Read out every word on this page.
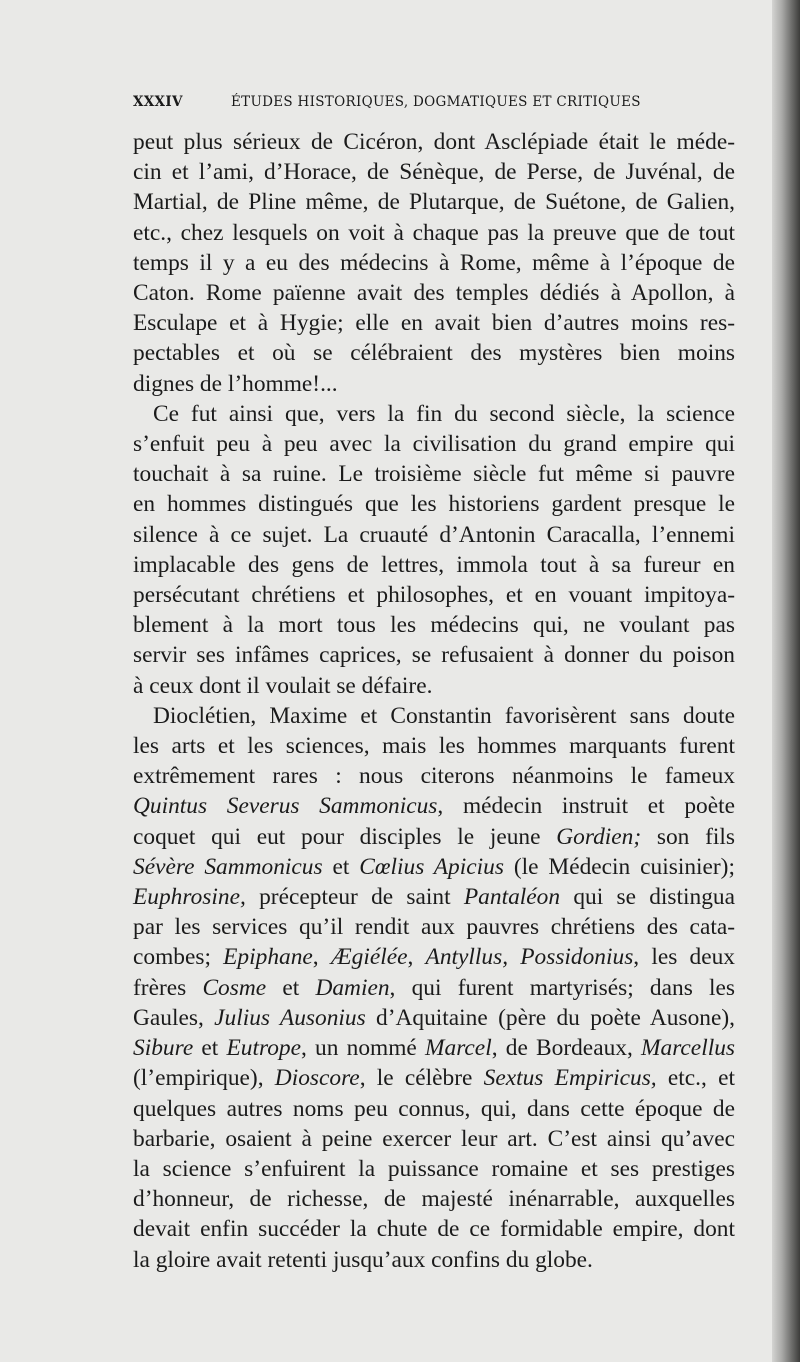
XXXIV	ÉTUDES HISTORIQUES, DOGMATIQUES ET CRITIQUES
peut plus sérieux de Cicéron, dont Asclépiade était le méde-
cin et l’ami, d’Horace, de Sénèque, de Perse, de Juvénal, de
Martial, de Pline même, de Plutarque, de Suétone, de Galien,
etc., chez lesquels on voit à chaque pas la preuve que de tout
temps il y a eu des médecins à Rome, même à l’époque de
Caton. Rome païenne avait des temples dédiés à Apollon, à
Esculape et à Hygie; elle en avait bien d’autres moins res-
pectables et où se célébraient des mystères bien moins
dignes de l’homme!...
Ce fut ainsi que, vers la fin du second siècle, la science
s’enfuit peu à peu avec la civilisation du grand empire qui
touchait à sa ruine. Le troisième siècle fut même si pauvre
en hommes distingués que les historiens gardent presque le
silence à ce sujet. La cruauté d’Antonin Caracalla, l’ennemi
implacable des gens de lettres, immola tout à sa fureur en
persécutant chrétiens et philosophes, et en vouant impitoya-
blement à la mort tous les médecins qui, ne voulant pas
servir ses infâmes caprices, se refusaient à donner du poison
à ceux dont il voulait se défaire.
Dioclétien, Maxime et Constantin favorisèrent sans doute
les arts et les sciences, mais les hommes marquants furent
extrêmement rares : nous citerons néanmoins le fameux
Quintus Severus Sammonicus, médecin instruit et poète
coquet qui eut pour disciples le jeune Gordien; son fils
Sévère Sammonicus et Cœlius Apicius (le Médecin cuisinier);
Euphrosine, précepteur de saint Pantaléon qui se distingua
par les services qu’il rendit aux pauvres chrétiens des cata-
combes; Epiphane, Ægiélée, Antyllus, Possidonius, les deux
frères Cosme et Damien, qui furent martyrisés; dans les
Gaules, Julius Ausonius d’Aquitaine (père du poète Ausone),
Sibure et Eutrope, un nommé Marcel, de Bordeaux, Marcellus
(l’empirique), Dioscore, le célèbre Sextus Empiricus, etc., et
quelques autres noms peu connus, qui, dans cette époque de
barbarie, osaient à peine exercer leur art. C’est ainsi qu’avec
la science s’enfuirent la puissance romaine et ses prestiges
d’honneur, de richesse, de majesté inénarrable, auxquelles
devait enfin succéder la chute de ce formidable empire, dont
la gloire avait retenti jusqu’aux confins du globe.
